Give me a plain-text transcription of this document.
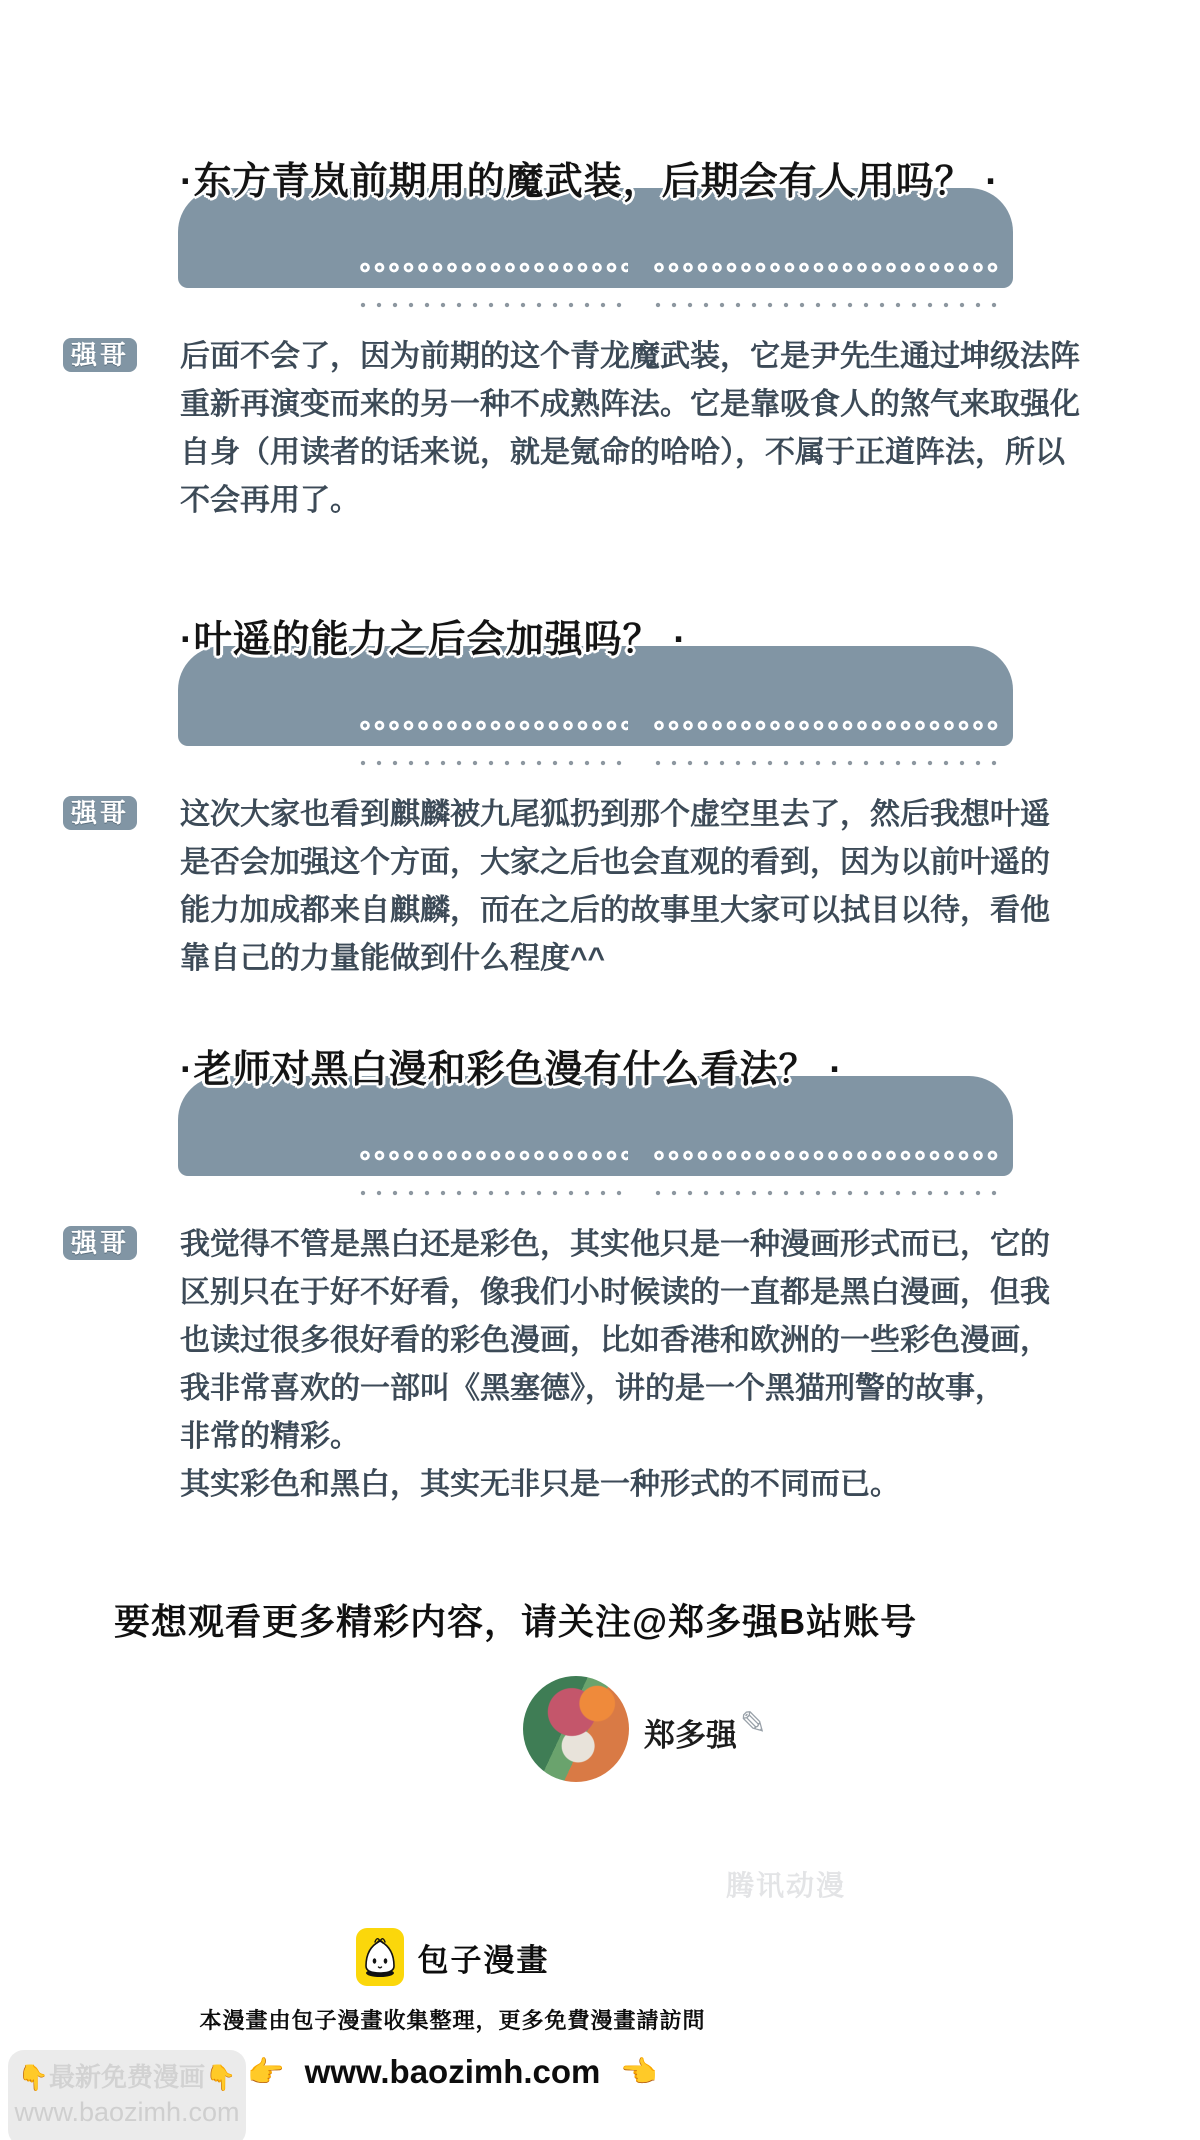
·东方青岚前期用的魔武装，后期会有人用吗？ ·
强哥 后面不会了，因为前期的这个青龙魔武装，它是尹先生通过坤级法阵
重新再演变而来的另一种不成熟阵法。它是靠吸食人的煞气来取强化
自身（用读者的话来说，就是氪命的哈哈），不属于正道阵法，所以
不会再用了。
·叶遥的能力之后会加强吗？ ·
强哥 这次大家也看到麒麟被九尾狐扔到那个虚空里去了，然后我想叶遥
是否会加强这个方面，大家之后也会直观的看到，因为以前叶遥的
能力加成都来自麒麟，而在之后的故事里大家可以拭目以待，看他
靠自己的力量能做到什么程度^^
·老师对黑白漫和彩色漫有什么看法？ ·
强哥 我觉得不管是黑白还是彩色，其实他只是一种漫画形式而已，它的
区别只在于好不好看，像我们小时候读的一直都是黑白漫画，但我
也读过很多很好看的彩色漫画，比如香港和欧洲的一些彩色漫画，
我非常喜欢的一部叫《黑塞德》，讲的是一个黑猫刑警的故事，
非常的精彩。
其实彩色和黑白，其实无非只是一种形式的不同而已。
要想观看更多精彩内容，请关注@郑多强B站账号
郑多强 ✎
腾讯动漫
包子漫畫
本漫畫由包子漫畫收集整理，更多免費漫畫請訪問
👉 www.baozimh.com 👈
👇最新免费漫画👇
www.baozimh.com
